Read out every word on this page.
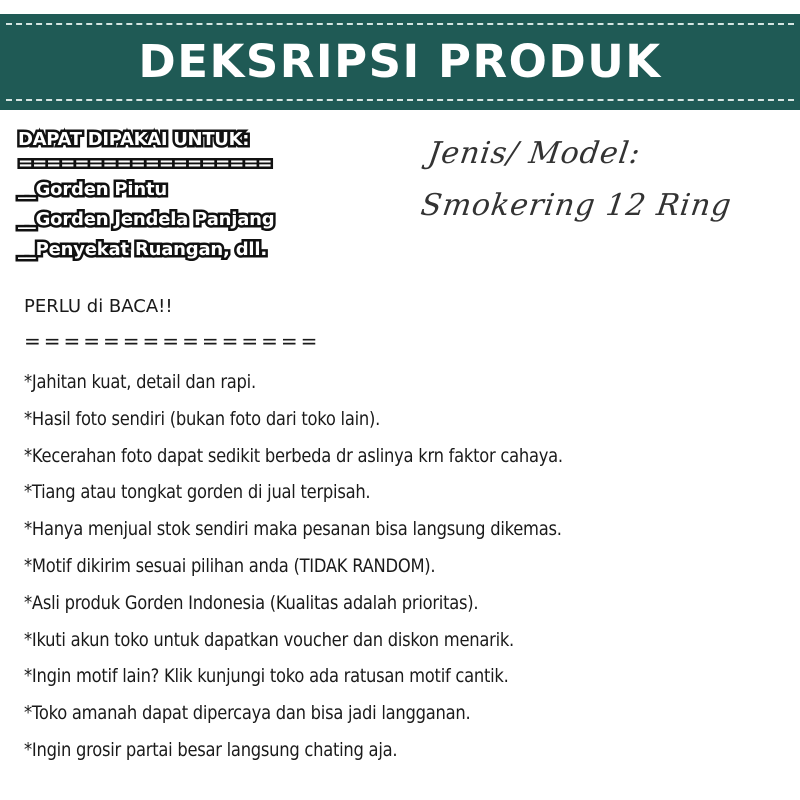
DEKSRIPSI PRODUK
DAPAT DIPAKAI UNTUK:
==================
__Gorden Pintu
__Gorden Jendela Panjang
__Penyekat Ruangan, dll.
Jenis/ Model:
Smokering 12 Ring
PERLU di BACA!!
===============
*Jahitan kuat, detail dan rapi.
*Hasil foto sendiri (bukan foto dari toko lain).
*Kecerahan foto dapat sedikit berbeda dr aslinya krn faktor cahaya.
*Tiang atau tongkat gorden di jual terpisah.
*Hanya menjual stok sendiri maka pesanan bisa langsung dikemas.
*Motif dikirim sesuai pilihan anda (TIDAK RANDOM).
*Asli produk Gorden Indonesia (Kualitas adalah prioritas).
*Ikuti akun toko untuk dapatkan voucher dan diskon menarik.
*Ingin motif lain? Klik kunjungi toko ada ratusan motif cantik.
*Toko amanah dapat dipercaya dan bisa jadi langganan.
*Ingin grosir partai besar langsung chating aja.
